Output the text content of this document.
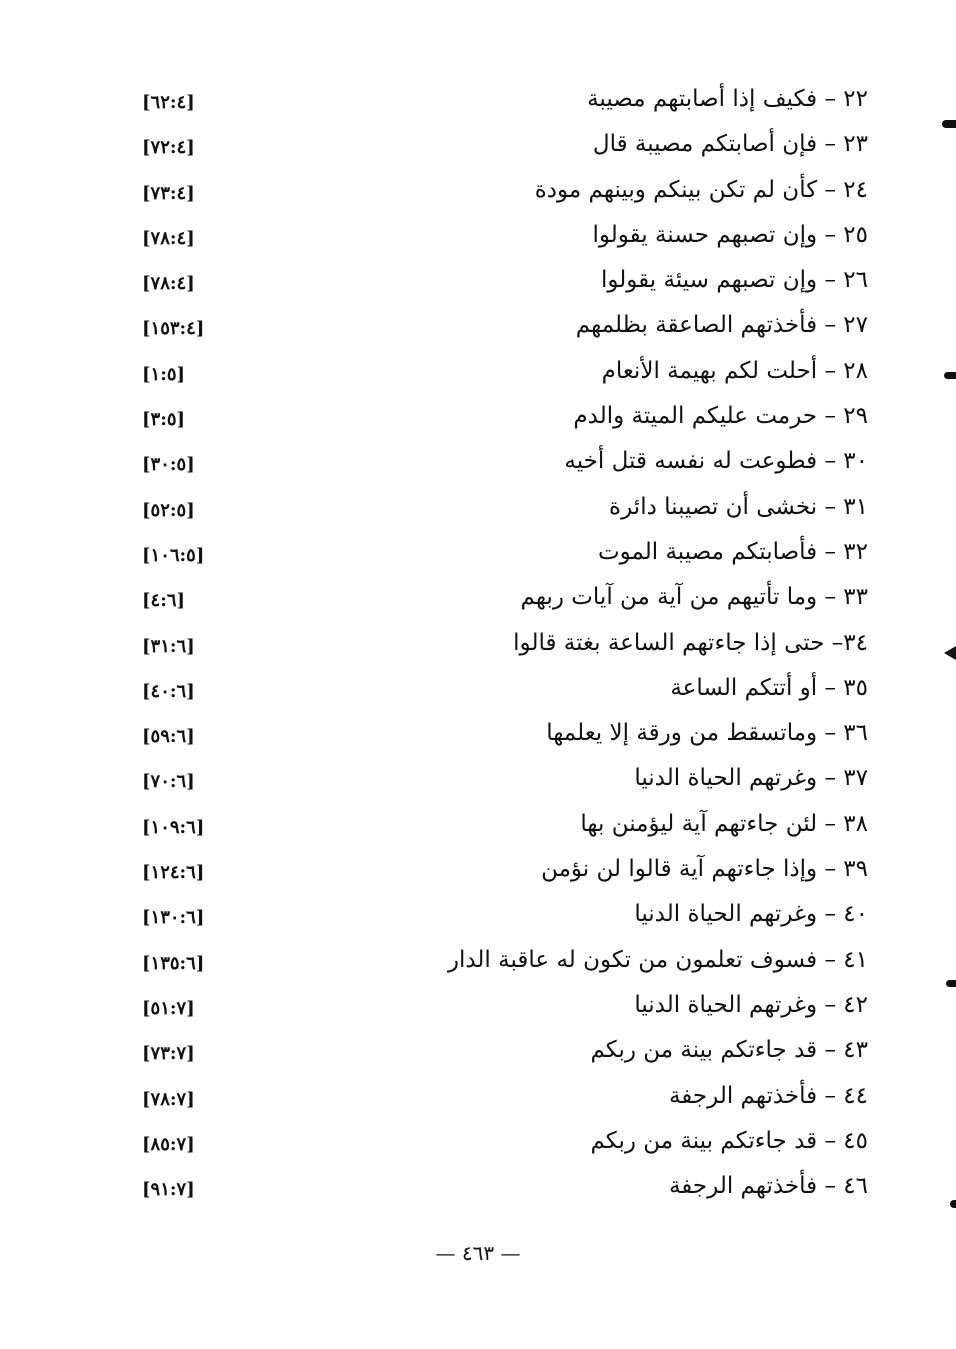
٢٢ – فكيف إذا أصابتهم مصيبة
[٦٢:٤]
٢٣ – فإن أصابتكم مصيبة قال
[٧٢:٤]
٢٤ – كأن لم تكن بينكم وبينهم مودة
[٧٣:٤]
٢٥ – وإن تصبهم حسنة يقولوا
[٧٨:٤]
٢٦ – وإن تصبهم سيئة يقولوا
[٧٨:٤]
٢٧ – فأخذتهم الصاعقة بظلمهم
[١٥٣:٤]
٢٨ – أحلت لكم بهيمة الأنعام
[١:٥]
٢٩ – حرمت عليكم الميتة والدم
[٣:٥]
٣٠ – فطوعت له نفسه قتل أخيه
[٣٠:٥]
٣١ – نخشى أن تصيبنا دائرة
[٥٢:٥]
٣٢ – فأصابتكم مصيبة الموت
[١٠٦:٥]
٣٣ – وما تأتيهم من آية من آيات ربهم
[٤:٦]
٣٤– حتى إذا جاءتهم الساعة بغتة قالوا
[٣١:٦]
٣٥ – أو أتتكم الساعة
[٤٠:٦]
٣٦ – وماتسقط من ورقة إلا يعلمها
[٥٩:٦]
٣٧ – وغرتهم الحياة الدنيا
[٧٠:٦]
٣٨ – لئن جاءتهم آية ليؤمنن بها
[١٠٩:٦]
٣٩ – وإذا جاءتهم آية قالوا لن نؤمن
[١٢٤:٦]
٤٠ – وغرتهم الحياة الدنيا
[١٣٠:٦]
٤١ – فسوف تعلمون من تكون له عاقبة الدار
[١٣٥:٦]
٤٢ – وغرتهم الحياة الدنيا
[٥١:٧]
٤٣ – قد جاءتكم بينة من ربكم
[٧٣:٧]
٤٤ – فأخذتهم الرجفة
[٧٨:٧]
٤٥ – قد جاءتكم بينة من ربكم
[٨٥:٧]
٤٦ – فأخذتهم الرجفة
[٩١:٧]
— ٤٦٣ —
